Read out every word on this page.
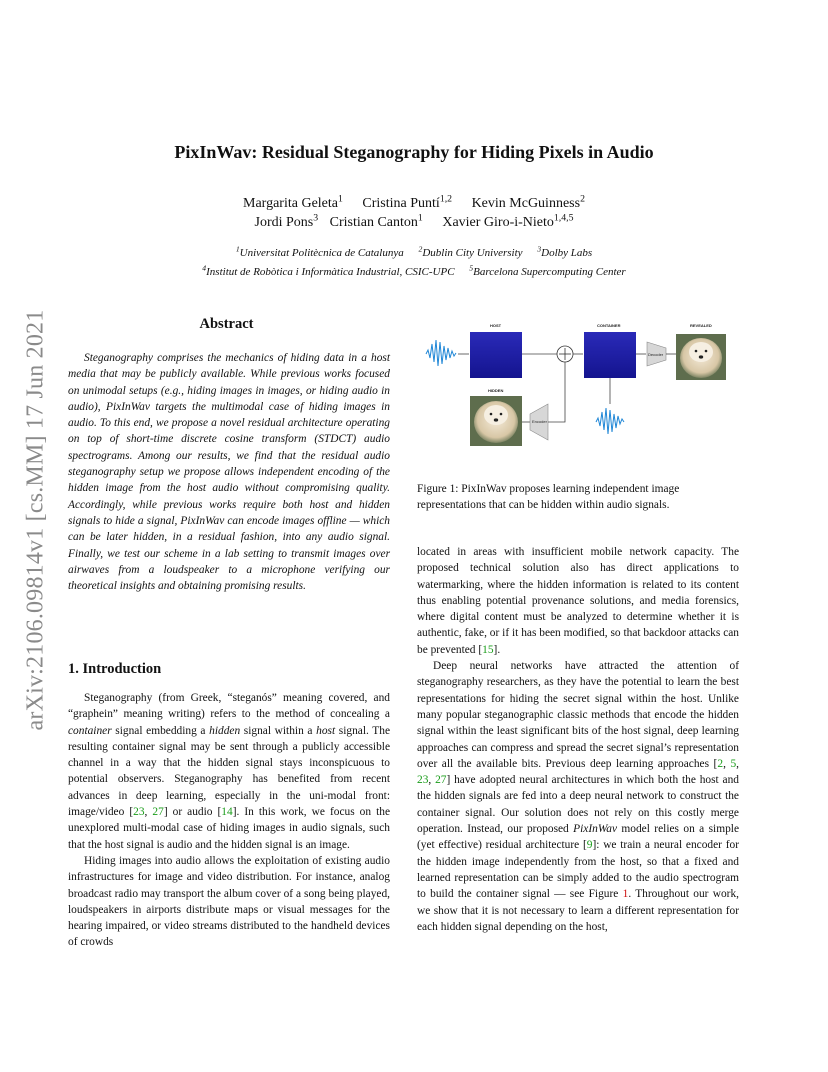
arXiv:2106.09814v1 [cs.MM] 17 Jun 2021
PixInWav: Residual Steganography for Hiding Pixels in Audio
Margarita Geleta$^1$ Cristina Puntí$^{1,2}$ Kevin McGuinness$^2$
Jordi Pons$^3$ Cristian Canton$^1$ Xavier Giro-i-Nieto$^{1,4,5}$
$^1$Universitat Politècnica de Catalunya $^2$Dublin City University $^3$Dolby Labs
$^4$Institut de Robòtica i Informàtica Industrial, CSIC-UPC $^5$Barcelona Supercomputing Center
Abstract

Steganography comprises the mechanics of hiding data in a host media that may be publicly available. While previous works focused on unimodal setups (e.g., hiding images in images, or hiding audio in audio), PixInWav targets the multimodal case of hiding images in audio. To this end, we propose a novel residual architecture operating on top of short-time discrete cosine transform (STDCT) audio spectrograms. Among our results, we find that the residual audio steganography setup we propose allows independent encoding of the hidden image from the host audio without compromising quality. Accordingly, while previous works require both host and hidden signals to hide a signal, PixInWav can encode images offline — which can be later hidden, in a residual fashion, into any audio signal. Finally, we test our scheme in a lab setting to transmit images over airwaves from a loudspeaker to a microphone verifying our theoretical insights and obtaining promising results.

1. Introduction

Steganography (from Greek, “steganós” meaning covered, and “graphein” meaning writing) refers to the method of concealing a container signal embedding a hidden signal within a host signal. The resulting container signal may be sent through a publicly accessible channel in a way that the hidden signal stays inconspicuous to potential observers. Steganography has benefited from recent advances in deep learning, especially in the uni-modal front: image/video [23, 27] or audio [14]. In this work, we focus on the unexplored multi-modal case of hiding images in audio signals, such that the host signal is audio and the hidden signal is an image.

Hiding images into audio allows the exploitation of existing audio infrastructures for image and video distribution. For instance, analog broadcast radio may transport the album cover of a song being played, loudspeakers in airports distribute maps or visual messages for the hearing impaired, or video streams distributed to the handheld devices of crowds

located in areas with insufficient mobile network capacity. The proposed technical solution also has direct applications to watermarking, where the hidden information is related to its content thus enabling potential provenance solutions, and media forensics, where digital content must be analyzed to determine whether it is authentic, fake, or if it has been modified, so that backdoor attacks can be prevented [15].

Deep neural networks have attracted the attention of steganography researchers, as they have the potential to learn the best representations for hiding the secret signal within the host. Unlike many popular steganographic classic methods that encode the hidden signal within the least significant bits of the host signal, deep learning approaches can compress and spread the secret signal’s representation over all the available bits. Previous deep learning approaches [2, 5, 23, 27] have adopted neural architectures in which both the host and the hidden signals are fed into a deep neural network to construct the container signal. Our solution does not rely on this costly merge operation. Instead, our proposed PixInWav model relies on a simple (yet effective) residual architecture [9]: we train a neural encoder for the hidden image independently from the host, so that a fixed and learned representation can be simply added to the audio spectrogram to build the container signal — see Figure 1. Throughout our work, we show that it is not necessary to learn a different representation for each hidden signal depending on the host,

HOST	CONTAINER	REVEALED
HIDDEN
Decoder
Encoder
Figure 1: PixInWav proposes learning independent image representations that can be hidden within audio signals.
